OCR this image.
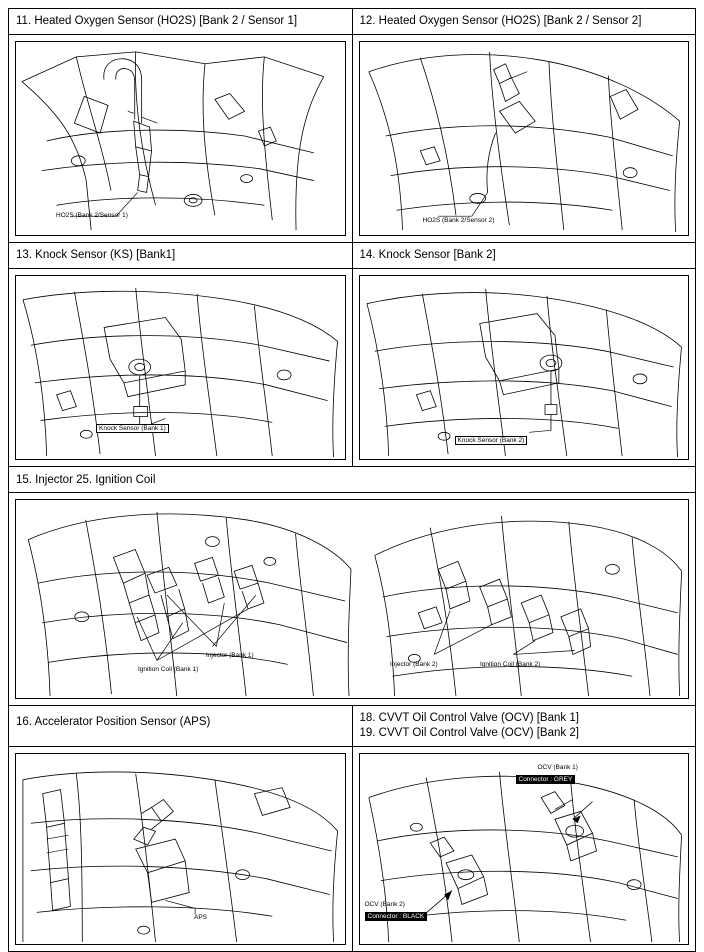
11. Heated Oxygen Sensor (HO2S) [Bank 2 / Sensor 1]	12. Heated Oxygen Sensor (HO2S) [Bank 2 / Sensor 2]

HO2S (Bank 2/Sensor 1)	HO2S (Bank 2/Sensor 2)

13. Knock Sensor (KS) [Bank1]	14. Knock Sensor [Bank 2]

Knock Sensor (Bank 1)	Knock Sensor (Bank 2)

15. Injector 25. Ignition Coil	

Injector (Bank 1)
Ignition Coil (Bank 1)
Injector (Bank 2) Ignition Coil (Bank 2)	

16. Accelerator Position Sensor (APS)	18. CVVT Oil Control Valve (OCV) [Bank 1]
19. CVVT Oil Control Valve (OCV) [Bank 2]

APS	OCV (Bank 1)
Connector : GREY
OCV (Bank 2)
Connector : BLACK
